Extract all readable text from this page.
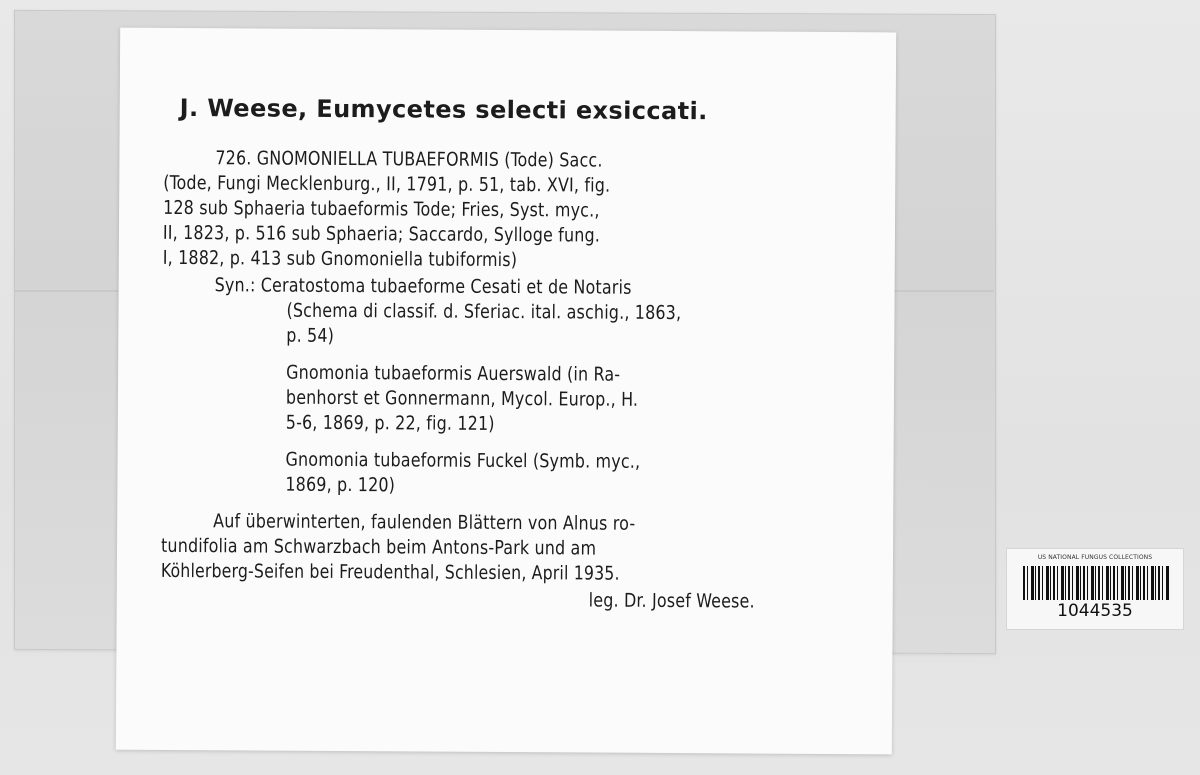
J. Weese, Eumycetes selecti exsiccati.
726. GNOMONIELLA TUBAEFORMIS (Tode) Sacc.
(Tode, Fungi Mecklenburg., II, 1791, p. 51, tab. XVI, fig.
128 sub Sphaeria tubaeformis Tode; Fries, Syst. myc.,
II, 1823, p. 516 sub Sphaeria; Saccardo, Sylloge fung.
I, 1882, p. 413 sub Gnomoniella tubiformis)
Syn.: Ceratostoma tubaeforme Cesati et de Notaris
(Schema di classif. d. Sferiac. ital. aschig., 1863,
p. 54)
Gnomonia tubaeformis Auerswald (in Ra-
benhorst et Gonnermann, Mycol. Europ., H.
5-6, 1869, p. 22, fig. 121)
Gnomonia tubaeformis Fuckel (Symb. myc.,
1869, p. 120)
Auf überwinterten, faulenden Blättern von Alnus ro-
tundifolia am Schwarzbach beim Antons-Park und am
Köhlerberg-Seifen bei Freudenthal, Schlesien, April 1935.
leg. Dr. Josef Weese.
US NATIONAL FUNGUS COLLECTIONS
1044535
